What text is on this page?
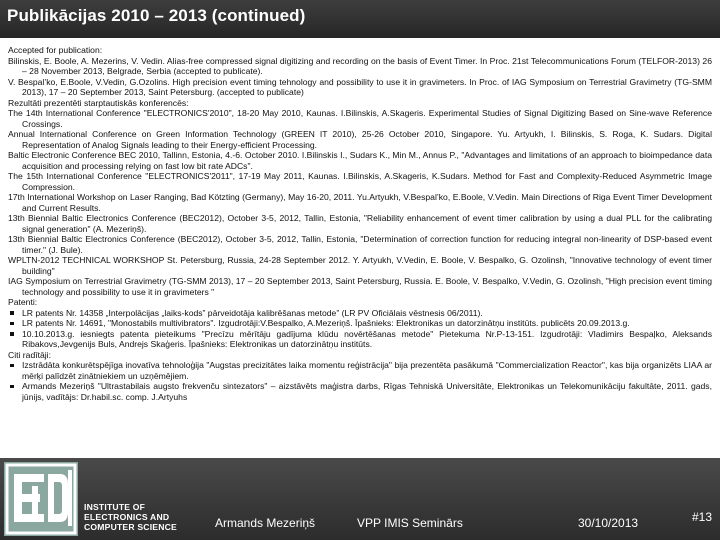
Publikācijas 2010 – 2013 (continued)
Accepted for publication:
Bilinskis, E. Boole, A. Mezerins, V. Vedin. Alias-free compressed signal digitizing and recording on the basis of Event Timer. In Proc. 21st Telecommunications Forum (TELFOR-2013) 26 – 28 November 2013, Belgrade, Serbia (accepted to publicate).
V. Bespal’ko, E.Boole, V.Vedin, G.Ozolins. High precision event timing tehnology and possibility to use it in gravimeters. In Proc. of IAG Symposium on Terrestrial Gravimetry (TG-SMM 2013), 17 – 20 September 2013, Saint Petersburg. (accepted to publicate)
Rezultāti prezentēti starptautiskās konferencēs:
The 14th International Conference "ELECTRONICS'2010", 18-20 May 2010, Kaunas. I.Bilinskis, A.Skageris. Experimental Studies of Signal Digitizing Based on Sine-wave Reference Crossings.
Annual International Conference on Green Information Technology (GREEN IT 2010), 25-26 October 2010, Singapore. Yu. Artyukh, I. Bilinskis, S. Roga, K. Sudars. Digital Representation of Analog Signals leading to their Energy-efficient Processing.
Baltic Electronic Conference BEC 2010, Tallinn, Estonia, 4.-6. October 2010. I.Bilinskis I., Sudars K., Min M., Annus P., "Advantages and limitations of an approach to bioimpedance data acquisition and processing relying on fast low bit rate ADCs".
The 15th International Conference "ELECTRONICS'2011", 17-19 May 2011, Kaunas. I.Bilinskis, A.Skageris, K.Sudars. Method for Fast and Complexity-Reduced Asymmetric Image Compression.
17th International Workshop on Laser Ranging, Bad Kötzting (Germany), May 16-20, 2011. Yu.Artyukh, V.Bespal’ko, E.Boole, V.Vedin. Main Directions of Riga Event Timer Development and Current Results.
13th Biennial Baltic Electronics Conference (BEC2012), October 3-5, 2012, Tallin, Estonia, "Reliability enhancement of event timer calibration by using a dual PLL for the calibrating signal generation" (A. Mezeriņš).
13th Biennial Baltic Electronics Conference (BEC2012), October 3-5, 2012, Tallin, Estonia, "Determination of correction function for reducing integral non-linearity of DSP-based event timer." (J. Bule).
WPLTN-2012 TECHNICAL WORKSHOP St. Petersburg, Russia, 24-28 September 2012. Y. Artyukh, V.Vedin, E. Boole, V. Bespalko, G. Ozolinsh, "Innovative technology of event timer building"
IAG Symposium on Terrestrial Gravimetry (TG-SMM 2013), 17 – 20 September 2013, Saint Petersburg, Russia. E. Boole, V. Bespalko, V.Vedin, G. Ozolinsh, "High precision event timing technology and possibility to use it in gravimeters "
Patenti:
LR patents Nr. 14358 „Interpolācijas „laiks-kods” pārveidotāja kalibrēšanas metode” (LR PV Oficiālais vēstnesis 06/2011).
LR patents Nr. 14691, "Monostabils multivibrators". Izgudrotāji:V.Bespalko, A.Mezeriņš. Īpašnieks: Elektronikas un datorzinātņu institūts. publicēts 20.09.2013.g.
10.10.2013.g. iesniegts patenta pieteikums "Precīzu mērītāju gadījuma klūdu novērtēšanas metode" Pietekuma Nr.P-13-151. Izgudrotāji: Vladimirs Bespaļko, Aleksands Ribakovs,Jevgenijs Buls, Andrejs Skaģeris. Īpašnieks: Elektronikas un datorzinātņu institūts.
Citi radītāji:
Izstrādāta konkurētspējīga inovatīva tehnoloģija "Augstas precizitātes laika momentu reģistrācija" bija prezentēta pasākumā "Commercialization Reactor", kas bija organizēts LIAA ar mērķi palīdzēt zinātniekiem un uzņēmējiem.
Armands Mezeriņš "Ultrastabilais augsto frekvenču sintezators" – aizstāvēts maģistra darbs, Rīgas Tehniskā Universitāte, Elektronikas un Telekomunikāciju fakultāte, 2011. gads, jūnijs, vadītājs: Dr.habil.sc. comp. J.Artyuhs
INSTITUTE OF
ELECTRONICS AND
COMPUTER SCIENCE	Armands Mezeriņš	VPP IMIS Seminārs	30/10/2013	#13
